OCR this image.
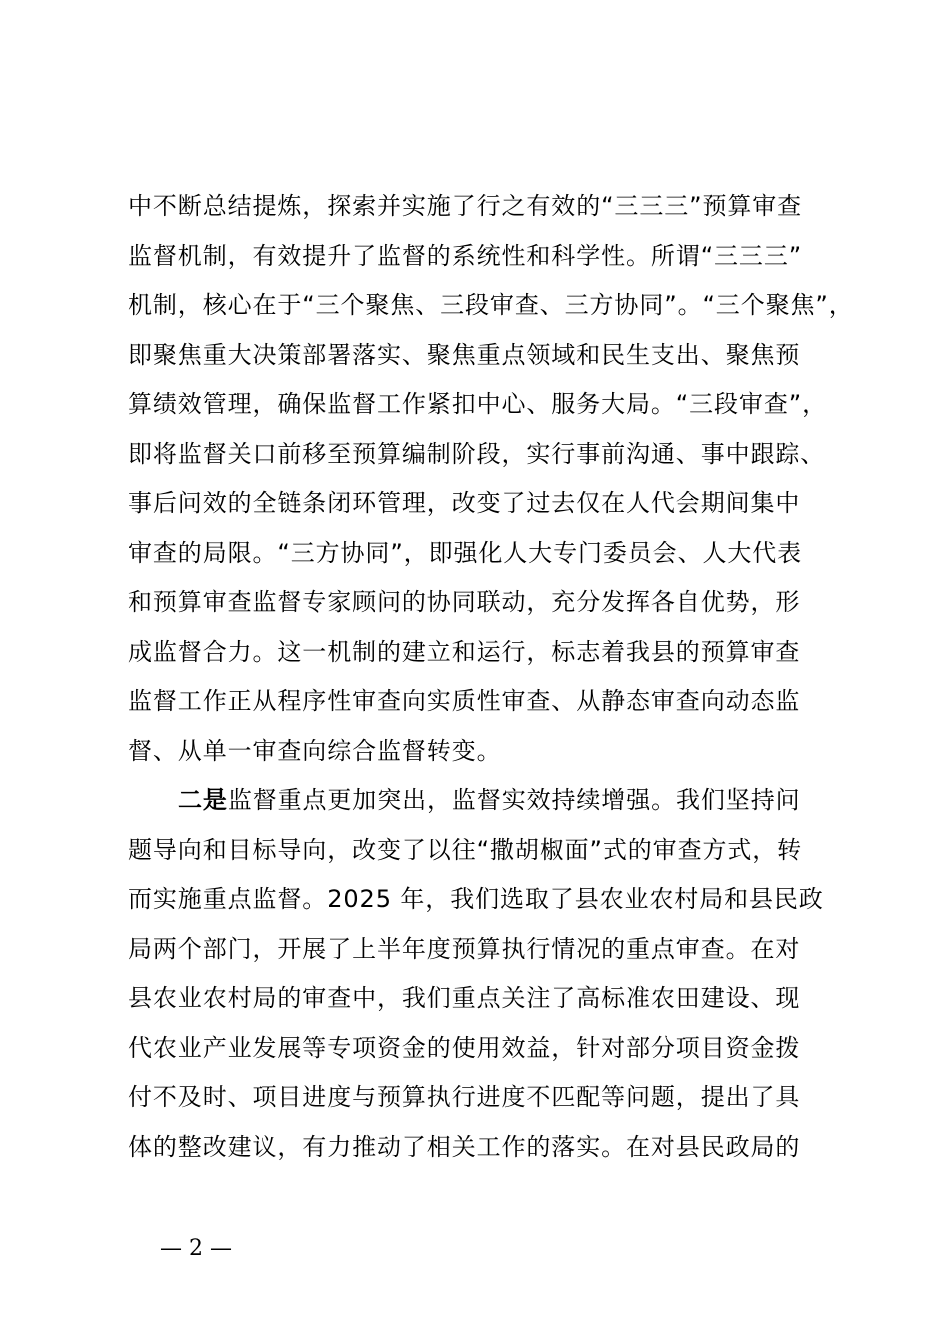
中不断总结提炼，探索并实施了行之有效的“三三三”预算审查
监督机制，有效提升了监督的系统性和科学性。所谓“三三三”
机制，核心在于“三个聚焦、三段审查、三方协同”。“三个聚焦”，
即聚焦重大决策部署落实、聚焦重点领域和民生支出、聚焦预
算绩效管理，确保监督工作紧扣中心、服务大局。“三段审查”，
即将监督关口前移至预算编制阶段，实行事前沟通、事中跟踪、
事后问效的全链条闭环管理，改变了过去仅在人代会期间集中
审查的局限。“三方协同”，即强化人大专门委员会、人大代表
和预算审查监督专家顾问的协同联动，充分发挥各自优势，形
成监督合力。这一机制的建立和运行，标志着我县的预算审查
监督工作正从程序性审查向实质性审查、从静态审查向动态监
督、从单一审查向综合监督转变。
二是监督重点更加突出，监督实效持续增强。我们坚持问
题导向和目标导向，改变了以往“撒胡椒面”式的审查方式，转
而实施重点监督。2025 年，我们选取了县农业农村局和县民政
局两个部门，开展了上半年度预算执行情况的重点审查。在对
县农业农村局的审查中，我们重点关注了高标准农田建设、现
代农业产业发展等专项资金的使用效益，针对部分项目资金拨
付不及时、项目进度与预算执行进度不匹配等问题，提出了具
体的整改建议，有力推动了相关工作的落实。在对县民政局的
— 2 —
